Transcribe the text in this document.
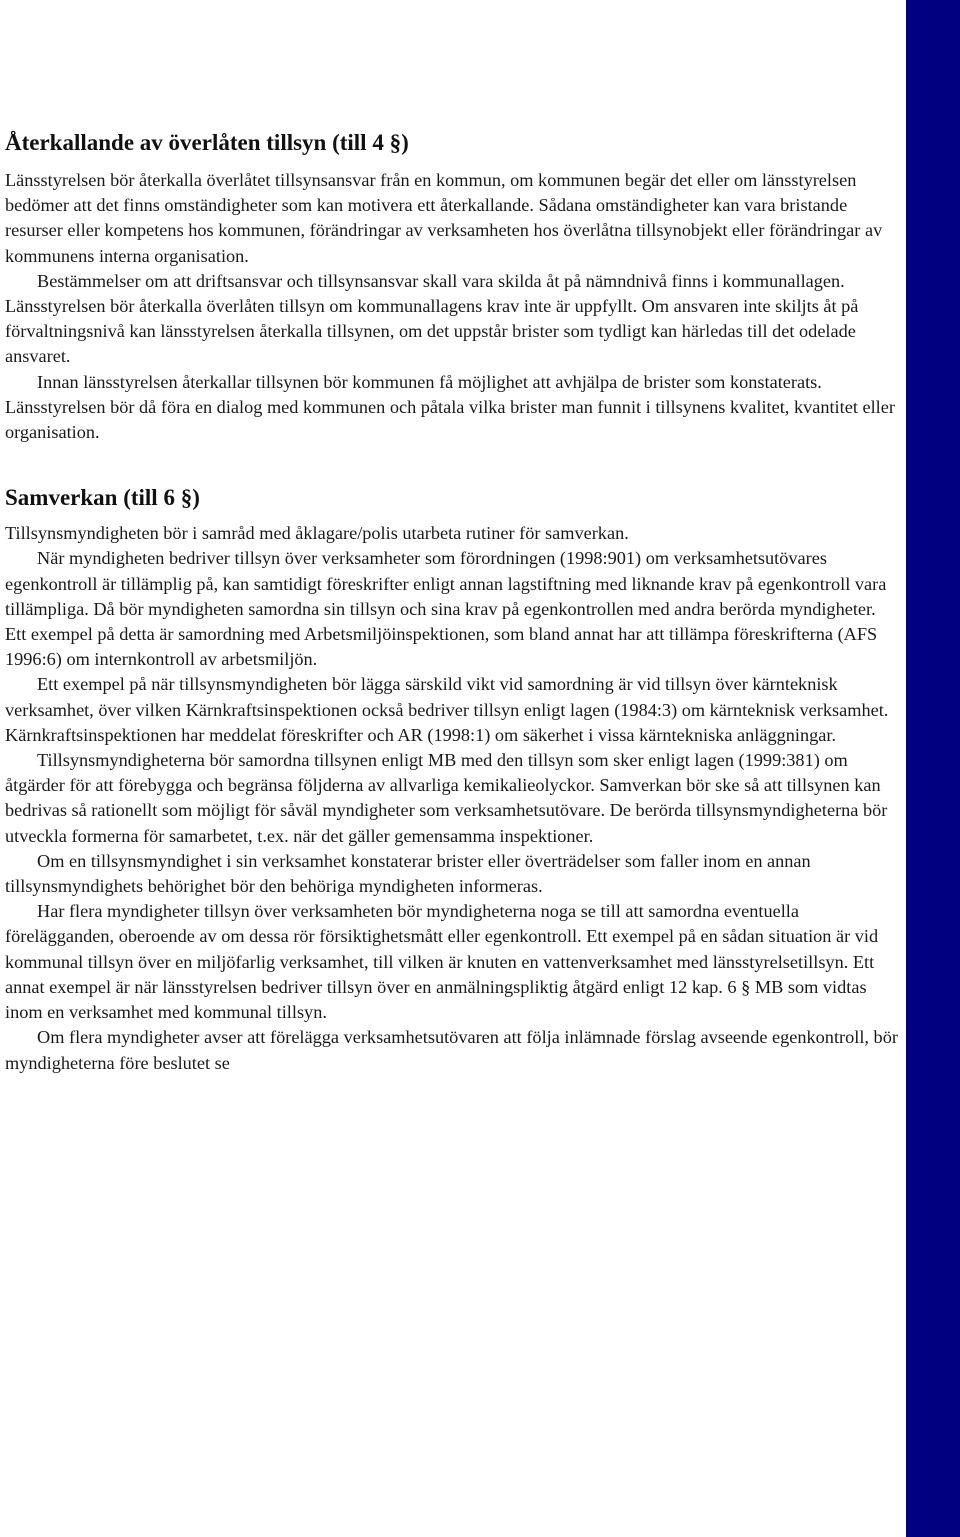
Återkallande av överlåten tillsyn (till 4 §)

Länsstyrelsen bör återkalla överlåtet tillsynsansvar från en kommun, om kommunen begär det eller om länsstyrelsen bedömer att det finns omständigheter som kan motivera ett återkallande. Sådana omständigheter kan vara bristande resurser eller kompetens hos kommunen, förändringar av verksamheten hos överlåtna tillsynobjekt eller förändringar av kommunens interna organisation.

Bestämmelser om att driftsansvar och tillsynsansvar skall vara skilda åt på nämndnivå finns i kommunallagen. Länsstyrelsen bör återkalla överlåten tillsyn om kommunallagens krav inte är uppfyllt. Om ansvaren inte skiljts åt på förvaltningsnivå kan länsstyrelsen återkalla tillsynen, om det uppstår brister som tydligt kan härledas till det odelade ansvaret.

Innan länsstyrelsen återkallar tillsynen bör kommunen få möjlighet att avhjälpa de brister som konstaterats. Länsstyrelsen bör då föra en dialog med kommunen och påtala vilka brister man funnit i tillsynens kvalitet, kvantitet eller organisation.

Samverkan (till 6 §)

Tillsynsmyndigheten bör i samråd med åklagare/polis utarbeta rutiner för samverkan.

När myndigheten bedriver tillsyn över verksamheter som förordningen (1998:901) om verksamhetsutövares egenkontroll är tillämplig på, kan samtidigt föreskrifter enligt annan lagstiftning med liknande krav på egenkontroll vara tillämpliga. Då bör myndigheten samordna sin tillsyn och sina krav på egenkontrollen med andra berörda myndigheter. Ett exempel på detta är samordning med Arbetsmiljöinspektionen, som bland annat har att tillämpa föreskrifterna (AFS 1996:6) om internkontroll av arbetsmiljön.

Ett exempel på när tillsynsmyndigheten bör lägga särskild vikt vid samordning är vid tillsyn över kärnteknisk verksamhet, över vilken Kärnkraftsinspektionen också bedriver tillsyn enligt lagen (1984:3) om kärnteknisk verksamhet. Kärnkraftsinspektionen har meddelat föreskrifter och AR (1998:1) om säkerhet i vissa kärntekniska anläggningar.

Tillsynsmyndigheterna bör samordna tillsynen enligt MB med den tillsyn som sker enligt lagen (1999:381) om åtgärder för att förebygga och begränsa följderna av allvarliga kemikalieolyckor. Samverkan bör ske så att tillsynen kan bedrivas så rationellt som möjligt för såväl myndigheter som verksamhetsutövare. De berörda tillsynsmyndigheterna bör utveckla formerna för samarbetet, t.ex. när det gäller gemensamma inspektioner.

Om en tillsynsmyndighet i sin verksamhet konstaterar brister eller överträdelser som faller inom en annan tillsynsmyndighets behörighet bör den behöriga myndigheten informeras.

Har flera myndigheter tillsyn över verksamheten bör myndigheterna noga se till att samordna eventuella förelägganden, oberoende av om dessa rör försiktighetsmått eller egenkontroll. Ett exempel på en sådan situation är vid kommunal tillsyn över en miljöfarlig verksamhet, till vilken är knuten en vattenverksamhet med länsstyrelsetillsyn. Ett annat exempel är när länsstyrelsen bedriver tillsyn över en anmälningspliktig åtgärd enligt 12 kap. 6 § MB som vidtas inom en verksamhet med kommunal tillsyn.

Om flera myndigheter avser att förelägga verksamhetsutövaren att följa inlämnade förslag avseende egenkontroll, bör myndigheterna före beslutet se
